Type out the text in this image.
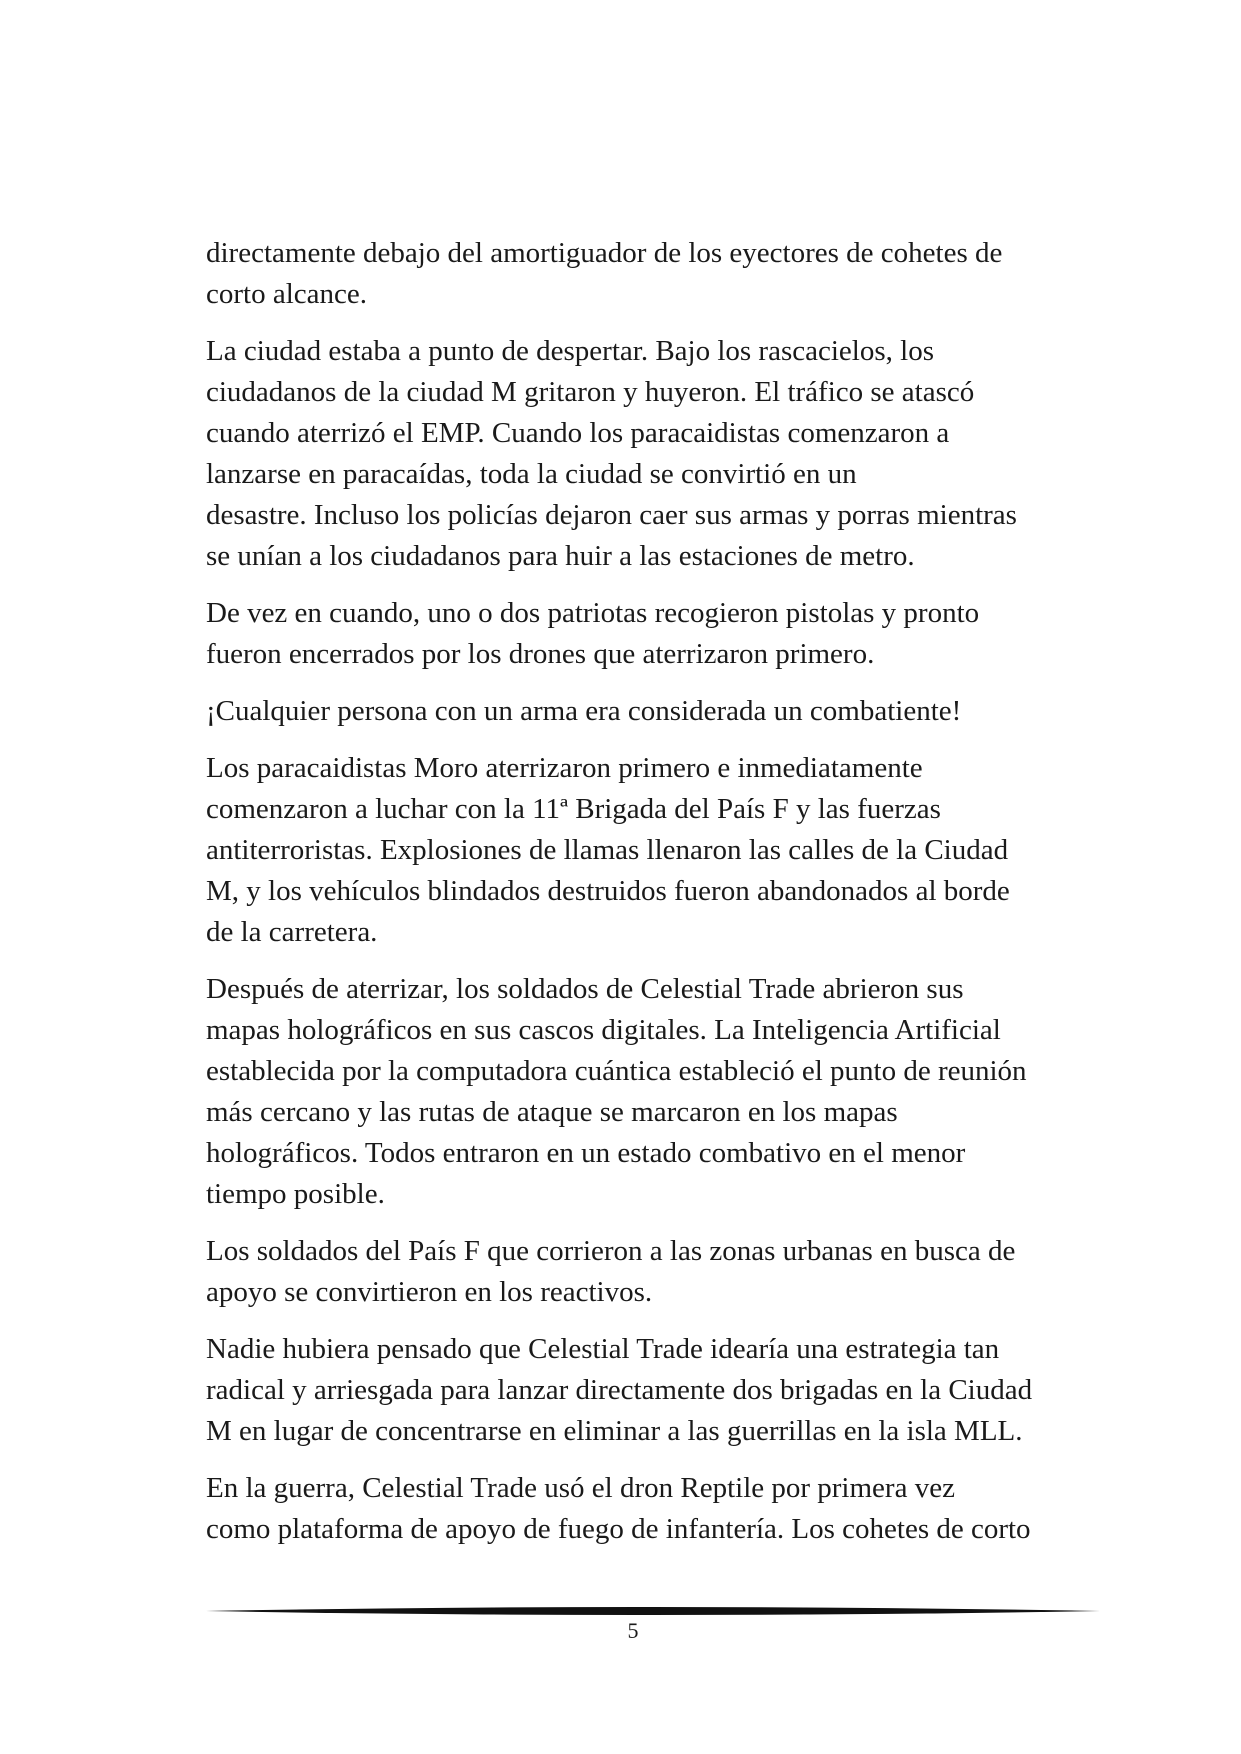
directamente debajo del amortiguador de los eyectores de cohetes de
corto alcance.

La ciudad estaba a punto de despertar. Bajo los rascacielos, los
ciudadanos de la ciudad M gritaron y huyeron. El tráfico se atascó
cuando aterrizó el EMP. Cuando los paracaidistas comenzaron a
lanzarse en paracaídas, toda la ciudad se convirtió en un
desastre. Incluso los policías dejaron caer sus armas y porras mientras
se unían a los ciudadanos para huir a las estaciones de metro.

De vez en cuando, uno o dos patriotas recogieron pistolas y pronto
fueron encerrados por los drones que aterrizaron primero.

¡Cualquier persona con un arma era considerada un combatiente!

Los paracaidistas Moro aterrizaron primero e inmediatamente
comenzaron a luchar con la 11ª Brigada del País F y las fuerzas
antiterroristas. Explosiones de llamas llenaron las calles de la Ciudad
M, y los vehículos blindados destruidos fueron abandonados al borde
de la carretera.

Después de aterrizar, los soldados de Celestial Trade abrieron sus
mapas holográficos en sus cascos digitales. La Inteligencia Artificial
establecida por la computadora cuántica estableció el punto de reunión
más cercano y las rutas de ataque se marcaron en los mapas
holográficos. Todos entraron en un estado combativo en el menor
tiempo posible.

Los soldados del País F que corrieron a las zonas urbanas en busca de
apoyo se convirtieron en los reactivos.

Nadie hubiera pensado que Celestial Trade idearía una estrategia tan
radical y arriesgada para lanzar directamente dos brigadas en la Ciudad
M en lugar de concentrarse en eliminar a las guerrillas en la isla MLL.

En la guerra, Celestial Trade usó el dron Reptile por primera vez
como plataforma de apoyo de fuego de infantería. Los cohetes de corto

5
